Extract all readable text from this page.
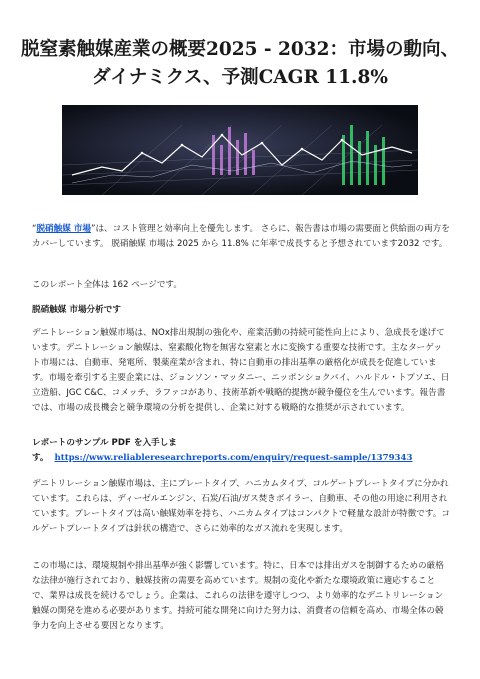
脱窒素触媒産業の概要2025 - 2032：市場の動向、ダイナミクス、予測CAGR 11.8%

“脱硝触媒 市場”は、コスト管理と効率向上を優先します。 さらに、報告書は市場の需要面と供給面の両方をカバーしています。 脱硝触媒 市場は 2025 から 11.8% に年率で成長すると予想されています2032 です。

このレポート全体は 162 ページです。

脱硝触媒 市場分析です

デニトレーション触媒市場は、NOx排出規制の強化や、産業活動の持続可能性向上により、急成長を遂げています。デニトレーション触媒は、窒素酸化物を無害な窒素と水に変換する重要な技術です。主なターゲット市場には、自動車、発電所、製薬産業が含まれ、特に自動車の排出基準の厳格化が成長を促進しています。市場を牽引する主要企業には、ジョンソン・マッタニー、ニッポンショクバイ、ハルドル・トプソエ、日立造船、JGC C&C、コメッチ、ラファコがあり、技術革新や戦略的提携が競争優位を生んでいます。報告書では、市場の成長機会と競争環境の分析を提供し、企業に対する戦略的な推奨が示されています。

レポートのサンプル PDF を入手します。 https://www.reliableresearchreports.com/enquiry/request-sample/1379343

デニトリレーション触媒市場は、主にプレートタイプ、ハニカムタイプ、コルゲートプレートタイプに分かれています。これらは、ディーゼルエンジン、石炭/石油/ガス焚きボイラー、自動車、その他の用途に利用されています。プレートタイプは高い触媒効率を持ち、ハニカムタイプはコンパクトで軽量な設計が特徴です。コルゲートプレートタイプは針状の構造で、さらに効率的なガス流れを実現します。

この市場には、環境規制や排出基準が強く影響しています。特に、日本では排出ガスを制御するための厳格な法律が施行されており、触媒技術の需要を高めています。規制の変化や新たな環境政策に適応することで、業界は成長を続けるでしょう。企業は、これらの法律を遵守しつつ、より効率的なデニトリレーション触媒の開発を進める必要があります。持続可能な開発に向けた努力は、消費者の信頼を高め、市場全体の競争力を向上させる要因となります。
